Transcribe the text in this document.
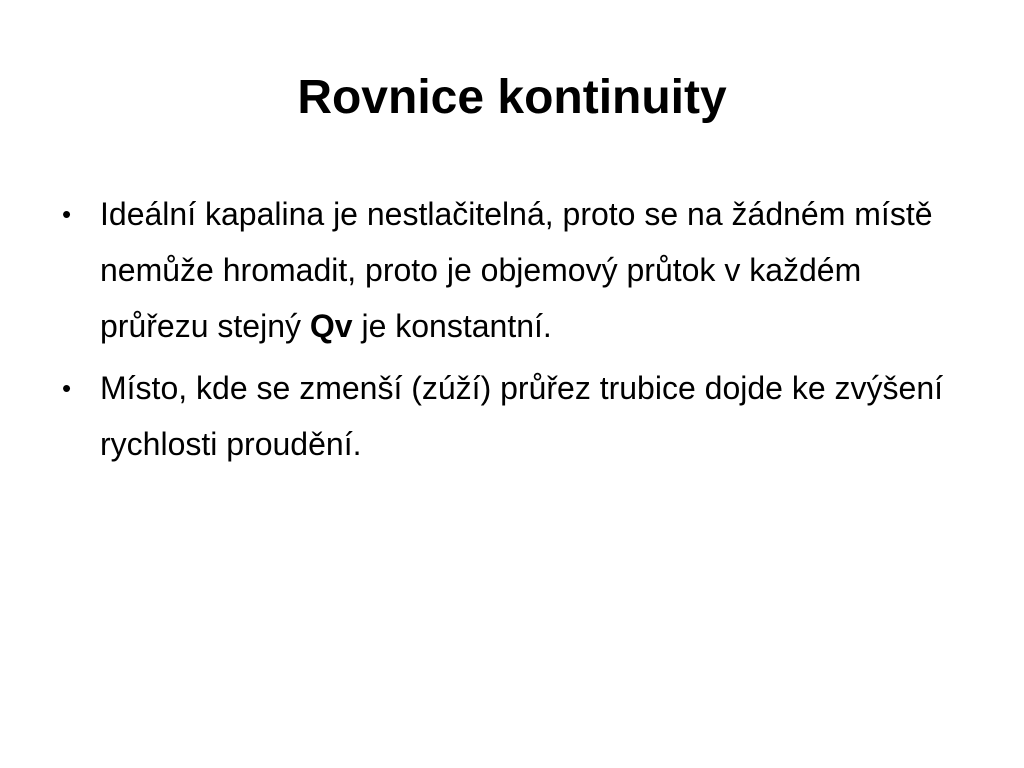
Rovnice kontinuity
• Ideální kapalina je nestlačitelná, proto se na žádném místě nemůže hromadit, proto je objemový průtok v každém průřezu stejný Qv je konstantní.
• Místo, kde se zmenší (zúží) průřez trubice dojde ke zvýšení rychlosti proudění.
